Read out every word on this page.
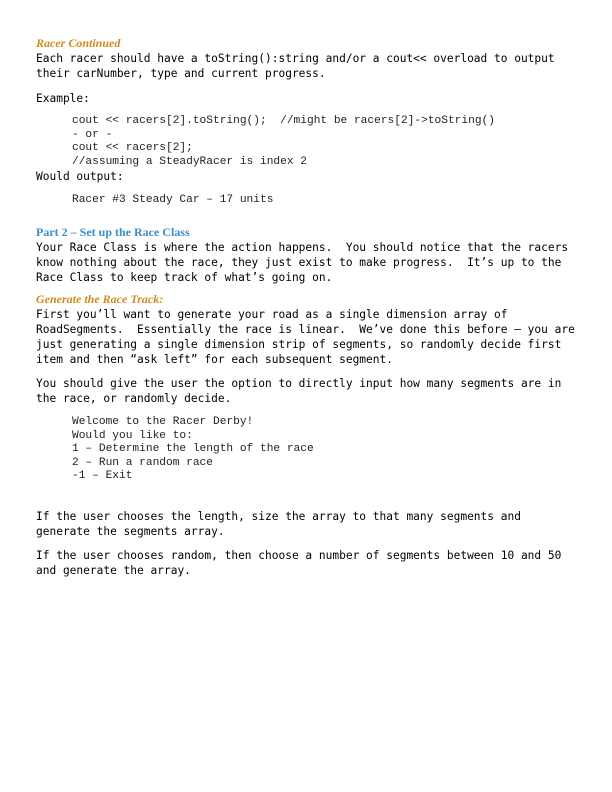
Racer Continued

Each racer should have a toString():string and/or a cout<< overload to output their carNumber, type and current progress.

Example:

cout << racers[2].toString();  //might be racers[2]->toString()

- or -

cout << racers[2];

//assuming a SteadyRacer is index 2

Would output:

Racer #3 Steady Car – 17 units

Part 2 – Set up the Race Class

Your Race Class is where the action happens.  You should notice that the racers know nothing about the race, they just exist to make progress.  It’s up to the Race Class to keep track of what’s going on.

Generate the Race Track:

First you’ll want to generate your road as a single dimension array of RoadSegments.  Essentially the race is linear.  We’ve done this before – you are just generating a single dimension strip of segments, so randomly decide first item and then “ask left” for each subsequent segment.

You should give the user the option to directly input how many segments are in the race, or randomly decide.

Welcome to the Racer Derby!

Would you like to:

1 – Determine the length of the race

2 – Run a random race

-1 – Exit

If the user chooses the length, size the array to that many segments and generate the segments array.

If the user chooses random, then choose a number of segments between 10 and 50 and generate the array.
